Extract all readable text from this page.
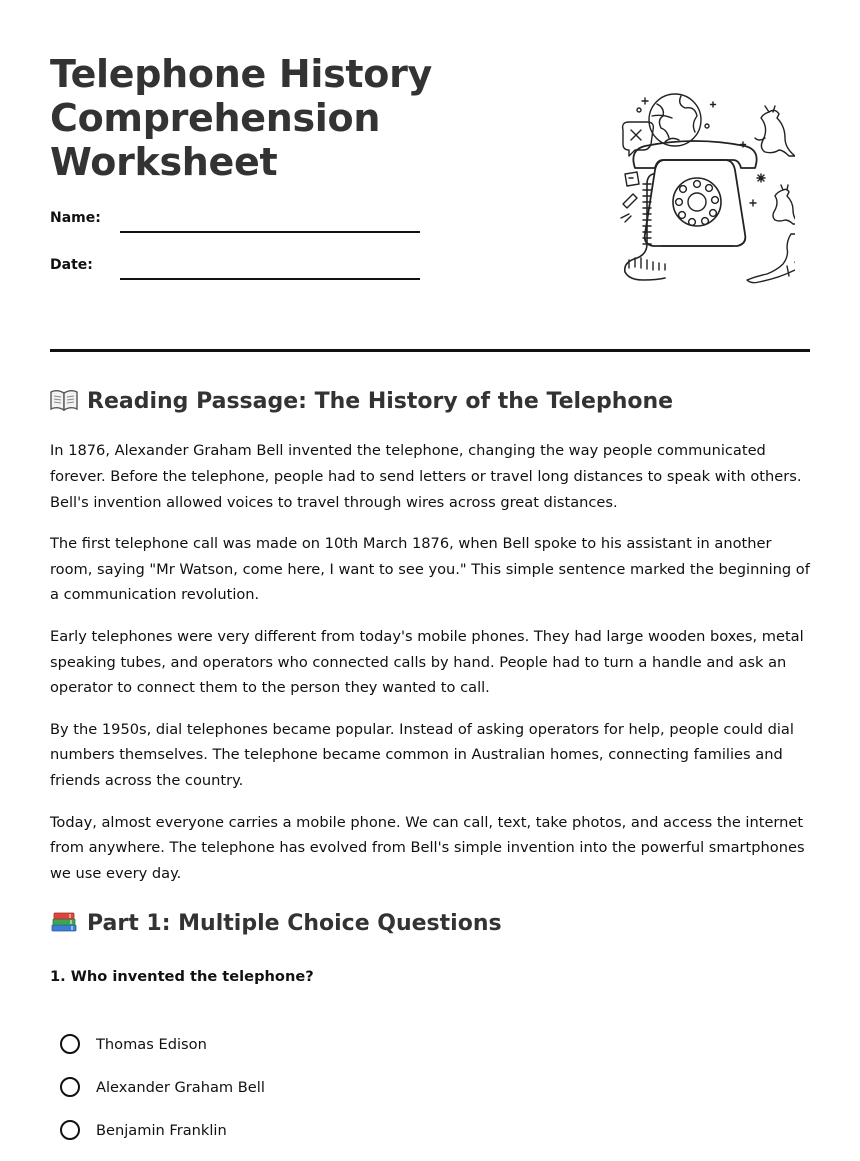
Telephone History Comprehension Worksheet
Name:
Date:
Reading Passage: The History of the Telephone

In 1876, Alexander Graham Bell invented the telephone, changing the way people communicated forever. Before the telephone, people had to send letters or travel long distances to speak with others. Bell's invention allowed voices to travel through wires across great distances.

The first telephone call was made on 10th March 1876, when Bell spoke to his assistant in another room, saying "Mr Watson, come here, I want to see you." This simple sentence marked the beginning of a communication revolution.

Early telephones were very different from today's mobile phones. They had large wooden boxes, metal speaking tubes, and operators who connected calls by hand. People had to turn a handle and ask an operator to connect them to the person they wanted to call.

By the 1950s, dial telephones became popular. Instead of asking operators for help, people could dial numbers themselves. The telephone became common in Australian homes, connecting families and friends across the country.

Today, almost everyone carries a mobile phone. We can call, text, take photos, and access the internet from anywhere. The telephone has evolved from Bell's simple invention into the powerful smartphones we use every day.

Part 1: Multiple Choice Questions
1. Who invented the telephone?
Thomas Edison
Alexander Graham Bell
Benjamin Franklin
